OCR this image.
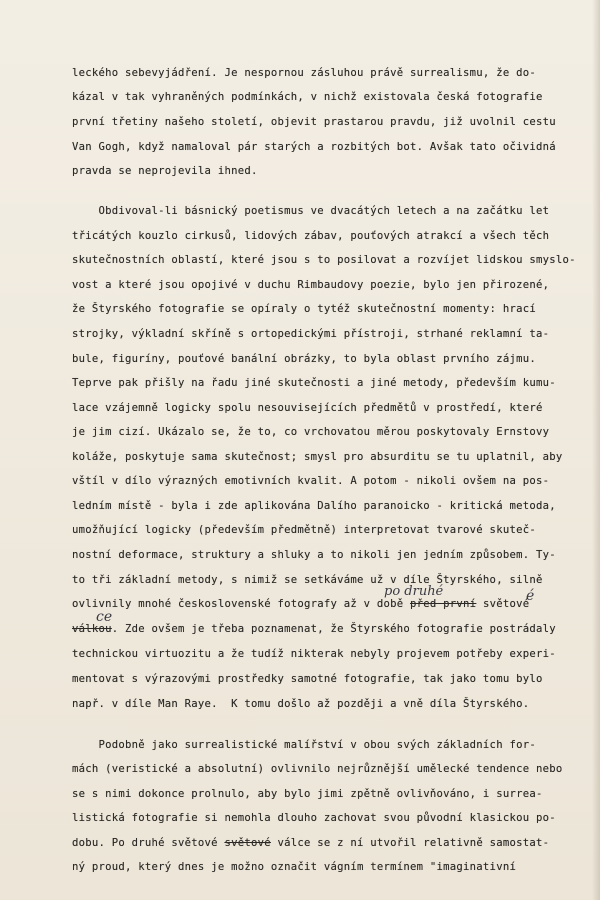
leckého sebevyjádření. Je nespornou zásluhou právě surrealismu, že do-

kázal v tak vyhraněných podmínkách, v nichž existovala česká fotografie

první třetiny našeho století, objevit prastarou pravdu, již uvolnil cestu

Van Gogh, když namaloval pár starých a rozbitých bot. Avšak tato očividná

pravda se neprojevila ihned.

Obdivoval-li básnický poetismus ve dvacátých letech a na začátku let

třicátých kouzlo cirkusů, lidových zábav, pouťových atrakcí a všech těch

skutečnostních oblastí, které jsou s to posilovat a rozvíjet lidskou smyslo-

vost a které jsou opojivé v duchu Rimbaudovy poezie, bylo jen přirozené,

že Štyrského fotografie se opíraly o tytéž skutečnostní momenty: hrací

strojky, výkladní skříně s ortopedickými přístroji, strhané reklamní ta-

bule, figuríny, pouťové banální obrázky, to byla oblast prvního zájmu.

Teprve pak přišly na řadu jiné skutečnosti a jiné metody, především kumu-

lace vzájemně logicky spolu nesouvisejících předmětů v prostředí, které

je jim cizí. Ukázalo se, že to, co vrchovatou měrou poskytovaly Ernstovy

koláže, poskytuje sama skutečnost; smysl pro absurditu se tu uplatnil, aby

vštíl v dílo výrazných emotivních kvalit. A potom - nikoli ovšem na pos-

ledním místě - byla i zde aplikována Dalího paranoicko - kritická metoda,

umožňující logicky (především předmětně) interpretovat tvarové skuteč-

nostní deformace, struktury a shluky a to nikoli jen jedním způsobem. Ty-

to tři základní metody, s nimiž se setkáváme už v díle Štyrského, silně

po druhé	é
ce

ovlivnily mnohé československé fotografy až v době před první světové

válkou. Zde ovšem je třeba poznamenat, že Štyrského fotografie postrádaly

technickou virtuozitu a že tudíž nikterak nebyly projevem potřeby experi-

mentovat s výrazovými prostředky samotné fotografie, tak jako tomu bylo

např. v díle Man Raye.  K tomu došlo až později a vně díla Štyrského.

Podobně jako surrealistické malířství v obou svých základních for-

mách (veristické a absolutní) ovlivnilo nejrůznější umělecké tendence nebo

se s nimi dokonce prolnulo, aby bylo jimi zpětně ovlivňováno, i surrea-

listická fotografie si nemohla dlouho zachovat svou původní klasickou po-

dobu. Po druhé světové světové válce se z ní utvořil relativně samostat-

ný proud, který dnes je možno označit vágním termínem "imaginativní
